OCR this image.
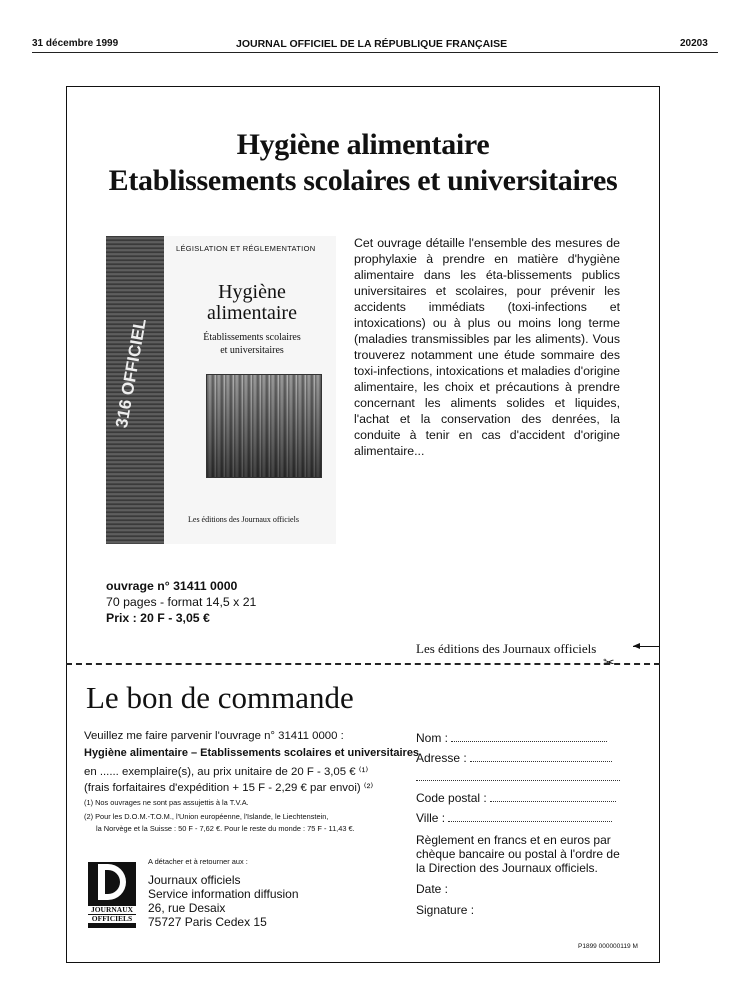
31 décembre 1999	JOURNAL OFFICIEL DE LA RÉPUBLIQUE FRANÇAISE	20203
Hygiène alimentaire
Etablissements scolaires et universitaires
316 OFFICIEL
LÉGISLATION ET RÉGLEMENTATION
Hygiène
alimentaire
Établissements scolaires
et universitaires
Les éditions des Journaux officiels
Cet ouvrage détaille l'ensemble des mesures de prophylaxie à prendre en matière d'hygiène alimentaire dans les éta-blissements publics universitaires et scolaires, pour prévenir les accidents immédiats (toxi-infections et intoxications) ou à plus ou moins long terme (maladies transmissibles par les aliments). Vous trouverez notamment une étude sommaire des toxi-infections, intoxications et maladies d'origine alimentaire, les choix et précautions à prendre concernant les aliments solides et liquides, l'achat et la conservation des denrées, la conduite à tenir en cas d'accident d'origine alimentaire...
ouvrage n° 31411 0000
70 pages - format 14,5 x 21
Prix : 20 F - 3,05 €
Les éditions des Journaux officiels
✂
Le bon de commande
Veuillez me faire parvenir l'ouvrage n° 31411 0000 :
Hygiène alimentaire – Etablissements scolaires et universitaires
en ...... exemplaire(s), au prix unitaire de 20 F - 3,05 € ⁽¹⁾
(frais forfaitaires d'expédition + 15 F - 2,29 € par envoi) ⁽²⁾
(1) Nos ouvrages ne sont pas assujettis à la T.V.A.
(2) Pour les D.O.M.-T.O.M., l'Union européenne, l'Islande, le Liechtenstein,
la Norvège et la Suisse : 50 F - 7,62 €. Pour le reste du monde : 75 F - 11,43 €.
Nom :
Adresse :
Code postal :
Ville :
Règlement en francs et en euros par chèque bancaire ou postal à l'ordre de la Direction des Journaux officiels.
Date :
Signature :
JOURNAUX
OFFICIELS
A détacher et à retourner aux :
Journaux officiels
Service information diffusion
26, rue Desaix
75727 Paris Cedex 15
P1899 000000119 M
